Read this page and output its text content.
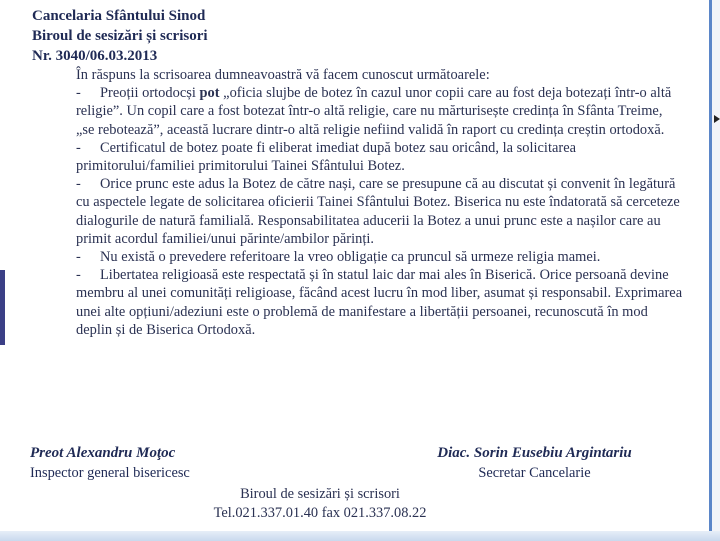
Cancelaria Sfântului Sinod
Biroul de sesizări și scrisori
Nr. 3040/06.03.2013

În răspuns la scrisoarea dumneavoastră vă facem cunoscut următoarele:

- Preoții ortodocși pot „oficia slujbe de botez în cazul unor copii care au fost deja botezați într-o altă religie”. Un copil care a fost botezat într-o altă religie, care nu mărturisește credința în Sfânta Treime, „se rebotează”, această lucrare dintr-o altă religie nefiind validă în raport cu credința creștin ortodoxă.

- Certificatul de botez poate fi eliberat imediat după botez sau oricând, la solicitarea primitorului/familiei primitorului Tainei Sfântului Botez.

- Orice prunc este adus la Botez de către nași, care se presupune că au discutat și convenit în legătură cu aspectele legate de solicitarea oficierii Tainei Sfântului Botez. Biserica nu este îndatorată să cerceteze dialogurile de natură familială. Responsabilitatea aducerii la Botez a unui prunc este a nașilor care au primit acordul familiei/unui părinte/ambilor părinți.

- Nu există o prevedere referitoare la vreo obligație ca pruncul să urmeze religia mamei.

- Libertatea religioasă este respectată și în statul laic dar mai ales în Biserică. Orice persoană devine membru al unei comunități religioase, făcând acest lucru în mod liber, asumat și responsabil. Exprimarea unei alte opțiuni/adeziuni este o problemă de manifestare a libertății persoanei, recunoscută în mod deplin și de Biserica Ortodoxă.

Preot Alexandru Moţoc
Inspector general bisericesc
Diac. Sorin Eusebiu Argintariu
Secretar Cancelarie
Biroul de sesizări și scrisori
Tel.021.337.01.40 fax 021.337.08.22
